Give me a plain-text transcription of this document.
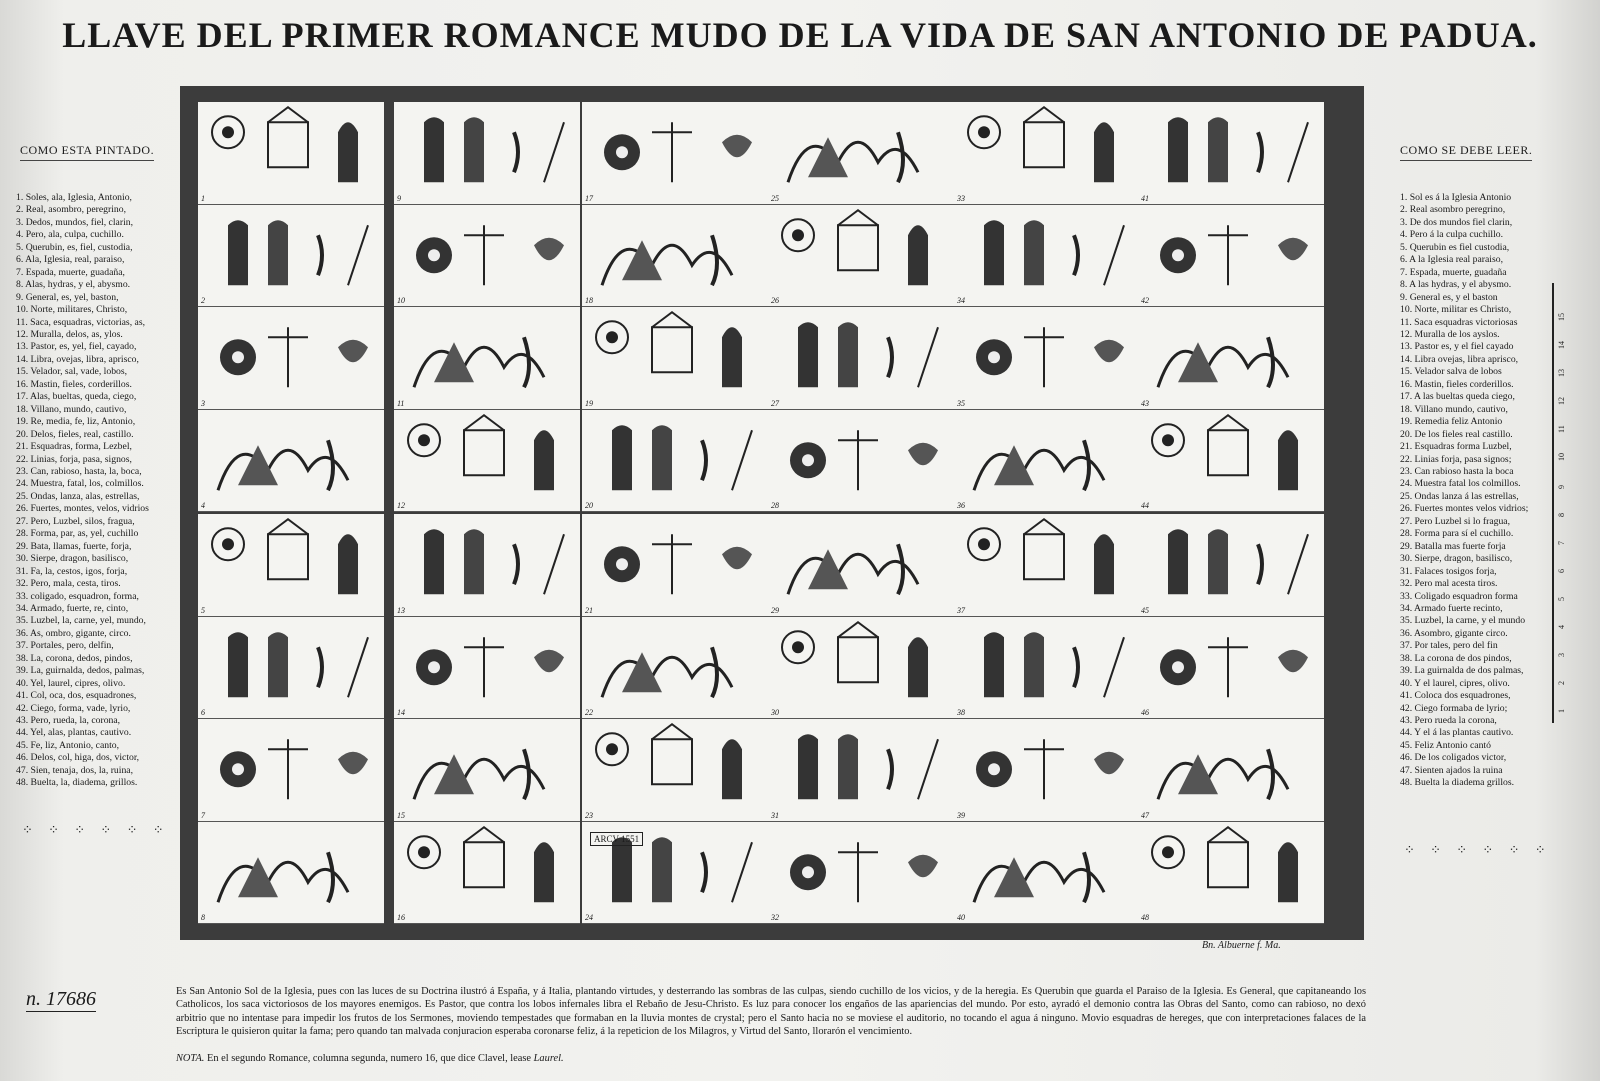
LLAVE DEL PRIMER ROMANCE MUDO DE LA VIDA DE SAN ANTONIO DE PADUA.
COMO ESTA PINTADO.	COMO SE DEBE LEER.
1. Soles, ala, Iglesia, Antonio,
2. Real, asombro, peregrino,
3. Dedos, mundos, fiel, clarin,
4. Pero, ala, culpa, cuchillo.
5. Querubin, es, fiel, custodia,
6. Ala, Iglesia, real, paraiso,
7. Espada, muerte, guadaña,
8. Alas, hydras, y el, abysmo.
9. General, es, yel, baston,
10. Norte, militares, Christo,
11. Saca, esquadras, victorias, as,
12. Muralla, delos, as, ylos.
13. Pastor, es, yel, fiel, cayado,
14. Libra, ovejas, libra, aprisco,
15. Velador, sal, vade, lobos,
16. Mastin, fieles, corderillos.
17. Alas, bueltas, queda, ciego,
18. Villano, mundo, cautivo,
19. Re, media, fe, liz, Antonio,
20. Delos, fieles, real, castillo.
21. Esquadras, forma, Lezbel,
22. Linias, forja, pasa, signos,
23. Can, rabioso, hasta, la, boca,
24. Muestra, fatal, los, colmillos.
25. Ondas, lanza, alas, estrellas,
26. Fuertes, montes, velos, vidrios
27. Pero, Luzbel, silos, fragua,
28. Forma, par, as, yel, cuchillo
29. Bata, llamas, fuerte, forja,
30. Sierpe, dragon, basilisco,
31. Fa, la, cestos, igos, forja,
32. Pero, mala, cesta, tiros.
33. coligado, esquadron, forma,
34. Armado, fuerte, re, cinto,
35. Luzbel, la, carne, yel, mundo,
36. As, ombro, gigante, circo.
37. Portales, pero, delfin,
38. La, corona, dedos, pindos,
39. La, guirnalda, dedos, palmas,
40. Yel, laurel, cipres, olivo.
41. Col, oca, dos, esquadrones,
42. Ciego, forma, vade, lyrio,
43. Pero, rueda, la, corona,
44. Yel, alas, plantas, cautivo.
45. Fe, liz, Antonio, canto,
46. Delos, col, higa, dos, victor,
47. Sien, tenaja, dos, la, ruina,
48. Buelta, la, diadema, grillos.
1. Sol es á la Iglesia Antonio
2. Real asombro peregrino,
3. De dos mundos fiel clarin,
4. Pero á la culpa cuchillo.
5. Querubin es fiel custodia,
6. A la Iglesia real paraiso,
7. Espada, muerte, guadaña
8. A las hydras, y el abysmo.
9. General es, y el baston
10. Norte, militar es Christo,
11. Saca esquadras victoriosas
12. Muralla de los ayslos.
13. Pastor es, y el fiel cayado
14. Libra ovejas, libra aprisco,
15. Velador salva de lobos
16. Mastin, fieles corderillos.
17. A las bueltas queda ciego,
18. Villano mundo, cautivo,
19. Remedia feliz Antonio
20. De los fieles real castillo.
21. Esquadras forma Luzbel,
22. Linias forja, pasa signos;
23. Can rabioso hasta la boca
24. Muestra fatal los colmillos.
25. Ondas lanza á las estrellas,
26. Fuertes montes velos vidrios;
27. Pero Luzbel si lo fragua,
28. Forma para sí el cuchillo.
29. Batalla mas fuerte forja
30. Sierpe, dragon, basilisco,
31. Falaces tosigos forja,
32. Pero mal acesta tiros.
33. Coligado esquadron forma
34. Armado fuerte recinto,
35. Luzbel, la carne, y el mundo
36. Asombro, gigante circo.
37. Por tales, pero del fin
38. La corona de dos pindos,
39. La guirnalda de dos palmas,
40. Y el laurel, cipres, olivo.
41. Coloca dos esquadrones,
42. Ciego formaba de lyrio;
43. Pero rueda la corona,
44. Y el á las plantas cautivo.
45. Feliz Antonio cantó
46. De los coligados victor,
47. Sienten ajados la ruina
48. Buelta la diadema grillos.
⁘ ⁘ ⁘ ⁘ ⁘ ⁘
⁘ ⁘ ⁘ ⁘ ⁘ ⁘
1
2
3
4
5
6
7
8
9
10
11
12
13
14
15
16
17
18
19
20
21
22
23
24
ARCV 1551
25
26
27
28
29
30
31
32
33
34
35
36
37
38
39
40
41
42
43
44
45
46
47
48
Bn. Albuerne f. Ma.
1
2
3
4
5
6
7
8
9
10
11
12
13
14
15
n. 17686	Es San Antonio Sol de la Iglesia, pues con las luces de su Doctrina ilustró á España, y á Italia, plantando virtudes, y desterrando las sombras de las culpas, siendo cuchillo de los vicios, y de la heregia. Es Querubin que guarda el Paraiso de la Iglesia. Es General, que capitaneando los Catholicos, los saca victoriosos de los mayores enemigos. Es Pastor, que contra los lobos infernales libra el Rebaño de Jesu-Christo. Es luz para conocer los engaños de las apariencias del mundo. Por esto, ayradó el demonio contra las Obras del Santo, como can rabioso, no dexó arbitrio que no intentase para impedir los frutos de los Sermones, moviendo tempestades que formaban en la lluvia montes de crystal; pero el Santo hacia no se moviese el auditorio, no tocando el agua á ninguno. Movio esquadras de hereges, que con interpretaciones falaces de la Escriptura le quisieron quitar la fama; pero quando tan malvada conjuracion esperaba coronarse feliz, á la repeticion de los Milagros, y Virtud del Santo, llorarón el vencimiento.

NOTA. En el segundo Romance, columna segunda, numero 16, que dice Clavel, lease Laurel.
